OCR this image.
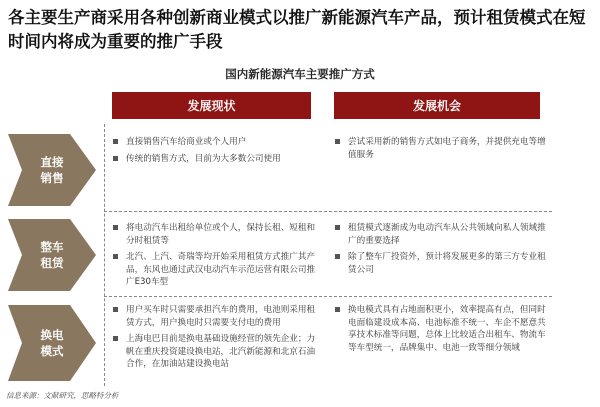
各主要生产商采用各种创新商业模式以推广新能源汽车产品，预计租赁模式在短时间内将成为重要的推广手段
国内新能源汽车主要推广方式
发展现状	发展机会
直接销售
直接销售汽车给商业或个人用户
传统的销售方式，目前为大多数公司使用
尝试采用新的销售方式如电子商务，并提供充电等增值服务
整车租赁
将电动汽车出租给单位或个人，保持长租、短租和分时租赁等
北汽、上汽、奇瑞等均开始采用租赁方式推广其产品，东风也通过武汉电动汽车示范运营有限公司推广E30车型
租赁模式逐渐成为电动汽车从公共领域向私人领域推广的重要选择
除了整车厂投资外，预计将发展更多的第三方专业租赁公司
换电模式
用户买车时只需要承担汽车的费用，电池则采用租赁方式，用户换电时只需要支付电的费用
上海电巴目前是换电基础设施经营的领先企业；力帆在重庆投资建设换电站，北汽新能源和北京石油合作，在加油站建设换电站
换电模式具有占地面积更小，效率提高有点，但同时电面临建设成本高、电池标准不统一、车企不愿意共享技术标准等问题，总体上比较适合出租车、物流车等车型统一，品牌集中、电池一致等细分领域
信息来源：文献研究，思略特分析
